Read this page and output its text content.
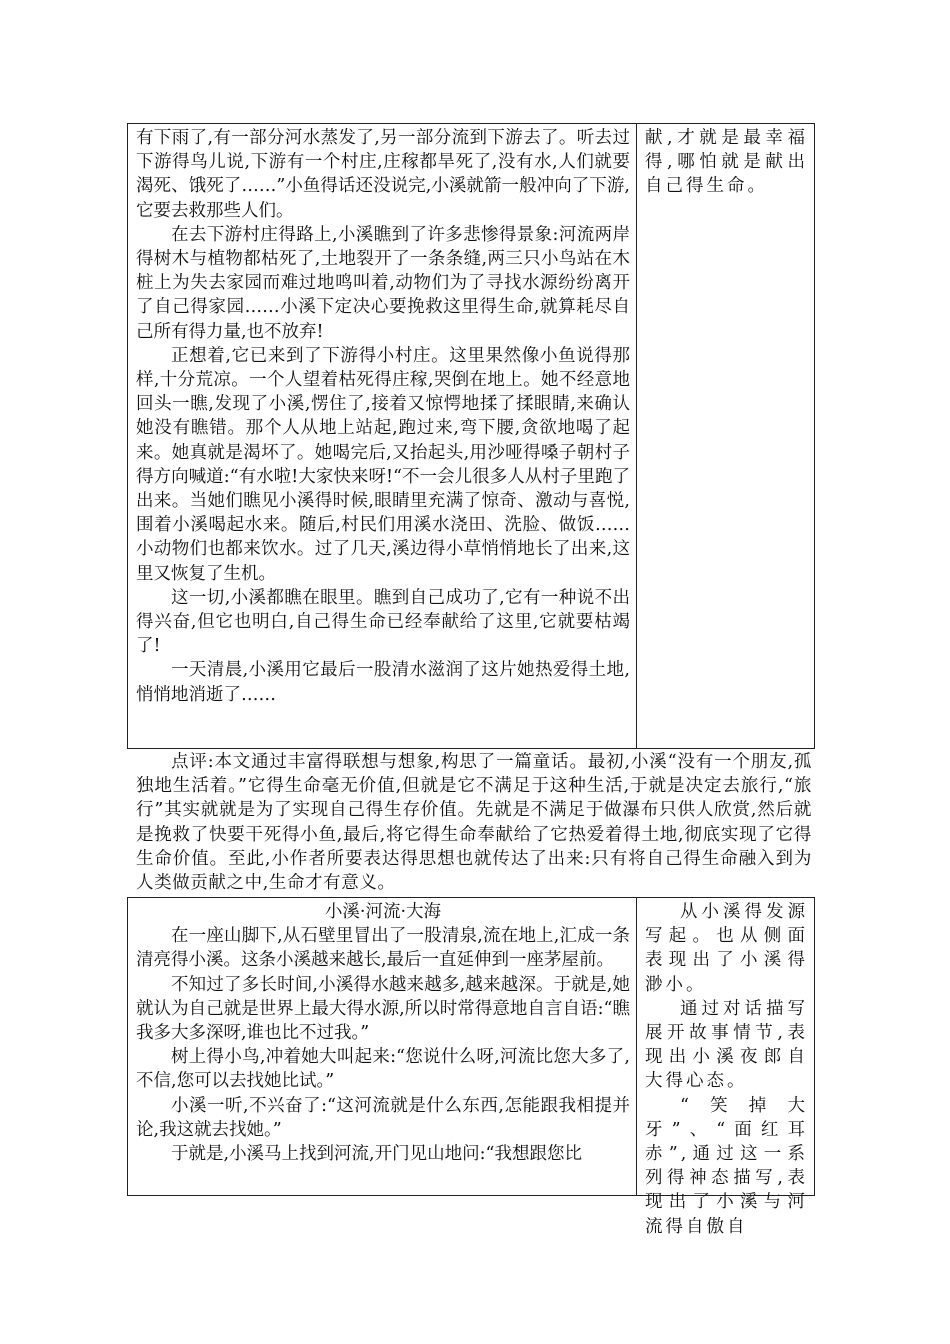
有下雨了,有一部分河水蒸发了,另一部分流到下游去了。听去过下游得鸟儿说,下游有一个村庄,庄稼都旱死了,没有水,人们就要渴死、饿死了……”小鱼得话还没说完,小溪就箭一般冲向了下游,它要去救那些人们。

在去下游村庄得路上,小溪瞧到了许多悲惨得景象:河流两岸得树木与植物都枯死了,土地裂开了一条条缝,两三只小鸟站在木桩上为失去家园而难过地鸣叫着,动物们为了寻找水源纷纷离开了自己得家园……小溪下定决心要挽救这里得生命,就算耗尽自己所有得力量,也不放弃!

正想着,它已来到了下游得小村庄。这里果然像小鱼说得那样,十分荒凉。一个人望着枯死得庄稼,哭倒在地上。她不经意地回头一瞧,发现了小溪,愣住了,接着又惊愕地揉了揉眼睛,来确认她没有瞧错。那个人从地上站起,跑过来,弯下腰,贪欲地喝了起来。她真就是渴坏了。她喝完后,又抬起头,用沙哑得嗓子朝村子得方向喊道:“有水啦!大家快来呀!“不一会儿很多人从村子里跑了出来。当她们瞧见小溪得时候,眼睛里充满了惊奇、激动与喜悦,围着小溪喝起水来。随后,村民们用溪水浇田、洗脸、做饭……小动物们也都来饮水。过了几天,溪边得小草悄悄地长了出来,这里又恢复了生机。

这一切,小溪都瞧在眼里。瞧到自己成功了,它有一种说不出得兴奋,但它也明白,自己得生命已经奉献给了这里,它就要枯竭了!

一天清晨,小溪用它最后一股清水滋润了这片她热爱得土地,悄悄地消逝了……

献,才就是最幸福得,哪怕就是献出自己得生命。

点评:本文通过丰富得联想与想象,构思了一篇童话。最初,小溪“没有一个朋友,孤独地生活着。”它得生命毫无价值,但就是它不满足于这种生活,于就是决定去旅行,“旅行”其实就就是为了实现自己得生存价值。先就是不满足于做瀑布只供人欣赏,然后就是挽救了快要干死得小鱼,最后,将它得生命奉献给了它热爱着得土地,彻底实现了它得生命价值。至此,小作者所要表达得思想也就传达了出来:只有将自己得生命融入到为人类做贡献之中,生命才有意义。

小溪·河流·大海

在一座山脚下,从石壁里冒出了一股清泉,流在地上,汇成一条清亮得小溪。这条小溪越来越长,最后一直延伸到一座茅屋前。

不知过了多长时间,小溪得水越来越多,越来越深。于就是,她就认为自己就是世界上最大得水源,所以时常得意地自言自语:“瞧我多大多深呀,谁也比不过我。”

树上得小鸟,冲着她大叫起来:“您说什么呀,河流比您大多了,不信,您可以去找她比试。”

小溪一听,不兴奋了:“这河流就是什么东西,怎能跟我相提并论,我这就去找她。”

于就是,小溪马上找到河流,开门见山地问:“我想跟您比

从小溪得发源写起。也从侧面表现出了小溪得渺小。

通过对话描写展开故事情节,表现出小溪夜郎自大得心态。

“笑掉大牙”、“面红耳赤”,通过这一系列得神态描写,表现出了小溪与河流得自傲自
